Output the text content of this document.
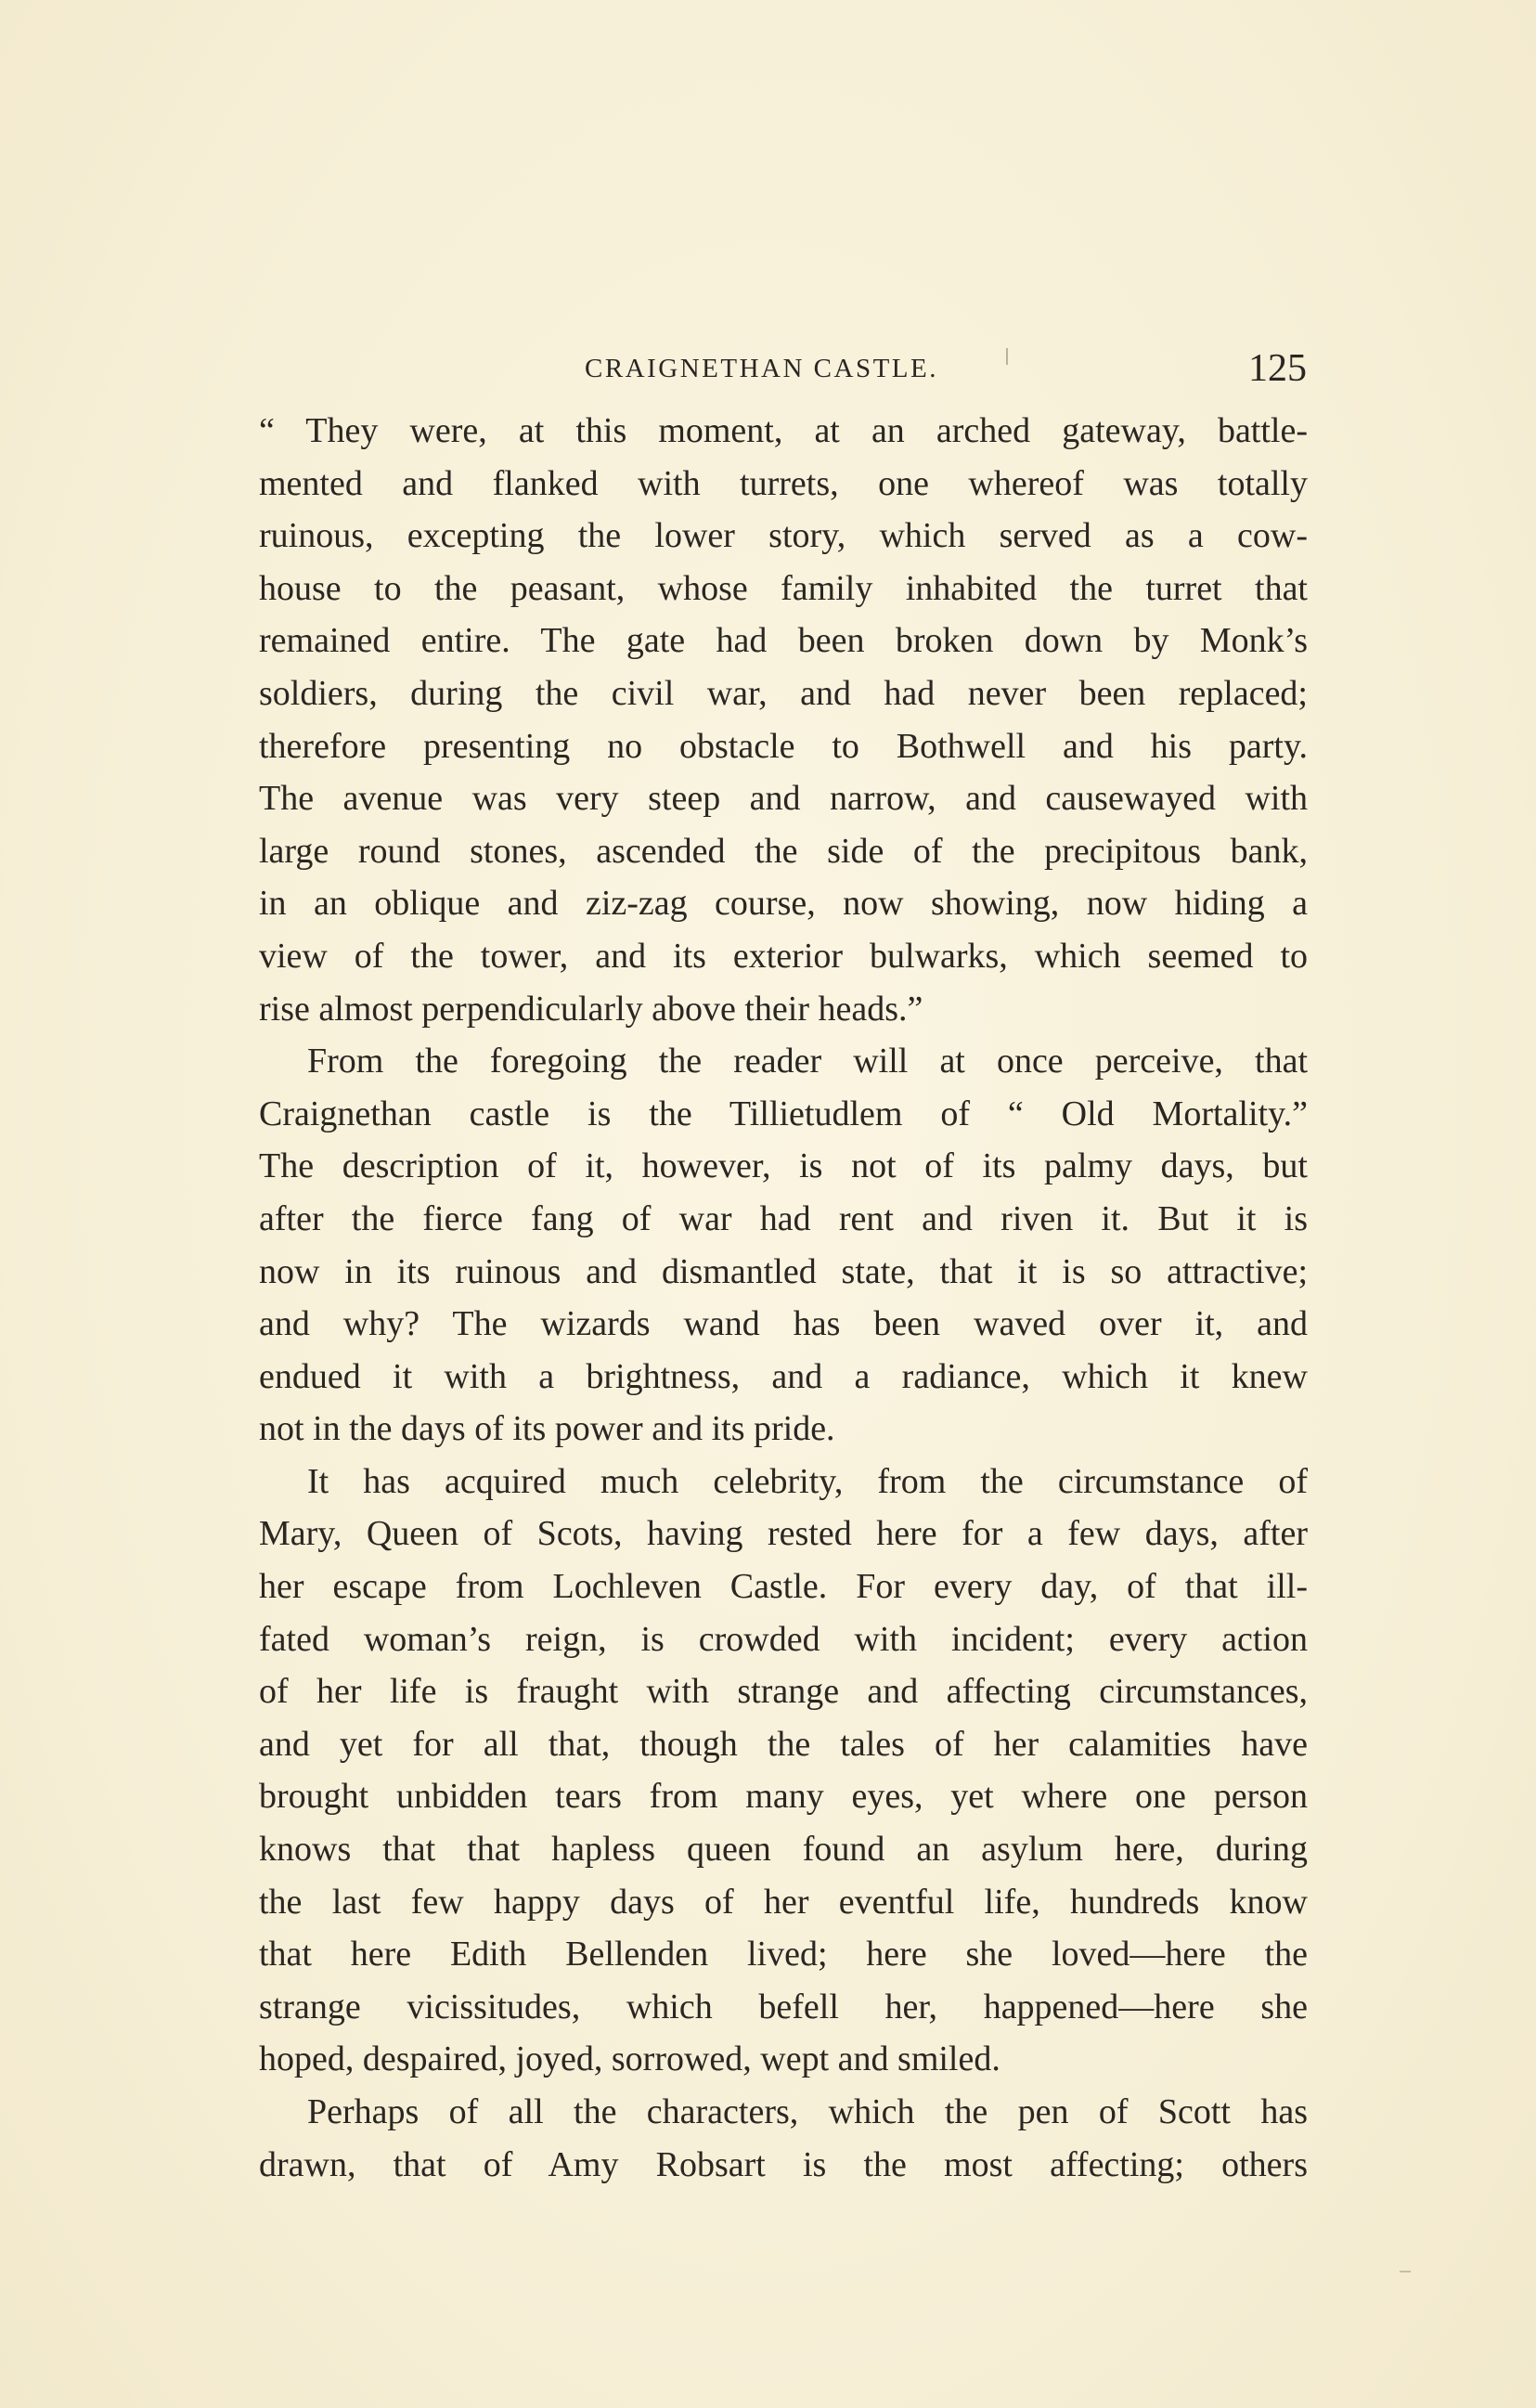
CRAIGNETHAN CASTLE.	125
“ They were, at this moment, at an arched gateway, battle-
mented and flanked with turrets, one whereof was totally
ruinous, excepting the lower story, which served as a cow-
house to the peasant, whose family inhabited the turret that
remained entire. The gate had been broken down by Monk’s
soldiers, during the civil war, and had never been replaced;
therefore presenting no obstacle to Bothwell and his party.
The avenue was very steep and narrow, and causewayed with
large round stones, ascended the side of the precipitous bank,
in an oblique and ziz-zag course, now showing, now hiding a
view of the tower, and its exterior bulwarks, which seemed to
rise almost perpendicularly above their heads.”
From the foregoing the reader will at once perceive, that
Craignethan castle is the Tillietudlem of “ Old Mortality.”
The description of it, however, is not of its palmy days, but
after the fierce fang of war had rent and riven it. But it is
now in its ruinous and dismantled state, that it is so attractive;
and why? The wizards wand has been waved over it, and
endued it with a brightness, and a radiance, which it knew
not in the days of its power and its pride.
It has acquired much celebrity, from the circumstance of
Mary, Queen of Scots, having rested here for a few days, after
her escape from Lochleven Castle. For every day, of that ill-
fated woman’s reign, is crowded with incident; every action
of her life is fraught with strange and affecting circumstances,
and yet for all that, though the tales of her calamities have
brought unbidden tears from many eyes, yet where one person
knows that that hapless queen found an asylum here, during
the last few happy days of her eventful life, hundreds know
that here Edith Bellenden lived; here she loved—here the
strange vicissitudes, which befell her, happened—here she
hoped, despaired, joyed, sorrowed, wept and smiled.
Perhaps of all the characters, which the pen of Scott has
drawn, that of Amy Robsart is the most affecting; others
